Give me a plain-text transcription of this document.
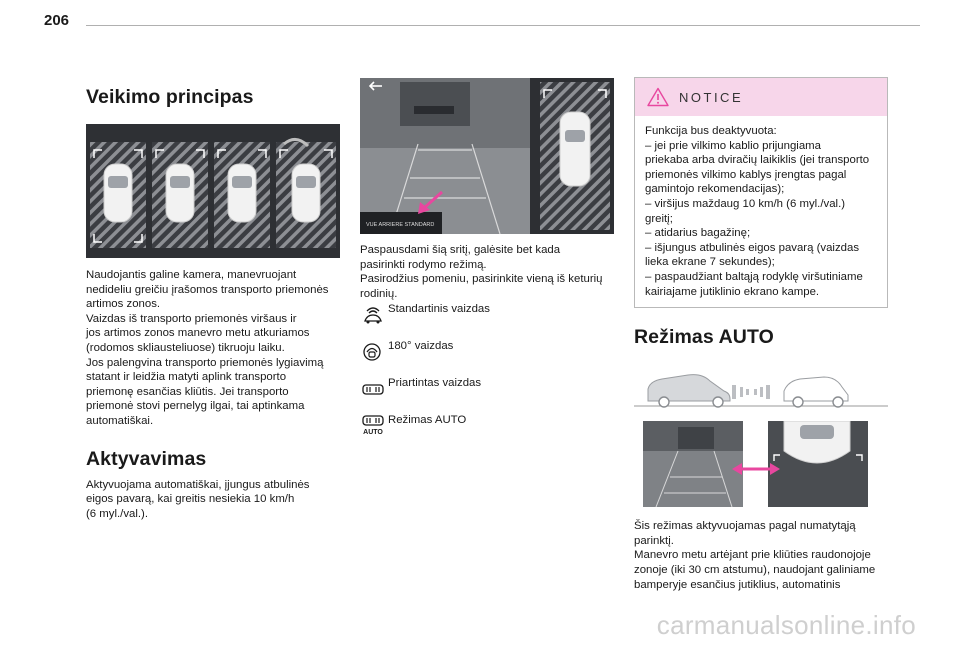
206
Veikimo principas

Naudojantis galine kamera, manevruojant
nedideliu greičiu įrašomos transporto priemonės
artimos zonos.
Vaizdas iš transporto priemonės viršaus ir
jos artimos zonos manevro metu atkuriamos
(rodomos skliausteliuose) tikruoju laiku.
Jos palengvina transporto priemonės lygiavimą
statant ir leidžia matyti aplink transporto
priemonę esančias kliūtis. Jei transporto
priemonė stovi pernelyg ilgai, tai aptinkama
automatiškai.

Aktyvavimas

Aktyvuojama automatiškai, įjungus atbulinės
eigos pavarą, kai greitis nesiekia 10 km/h
(6 myl./val.).

VUE ARRIERE STANDARD

Paspausdami šią sritį, galėsite bet kada
pasirinkti rodymo režimą.
Pasirodžius pomeniu, pasirinkite vieną iš keturių
rodinių.

Standartinis vaizdas
180° vaizdas
Priartintas vaizdas
AUTO
Režimas AUTO
NOTICE
Funkcija bus deaktyvuota:
– jei prie vilkimo kablio prijungiama
priekaba arba dviračių laikiklis (jei transporto
priemonės vilkimo kablys įrengtas pagal
gamintojo rekomendacijas);
– viršijus maždaug 10 km/h (6 myl./val.)
greitį;
– atidarius bagažinę;
– išjungus atbulinės eigos pavarą (vaizdas
lieka ekrane 7 sekundes);
– paspaudžiant baltąją rodyklę viršutiniame
kairiajame jutiklinio ekrano kampe.
Režimas AUTO

Šis režimas aktyvuojamas pagal numatytąją
parinktį.
Manevro metu artėjant prie kliūties raudonojoje
zonoje (iki 30 cm atstumu), naudojant galiniame
bamperyje esančius jutiklius, automatinis

carmanualsonline.info
